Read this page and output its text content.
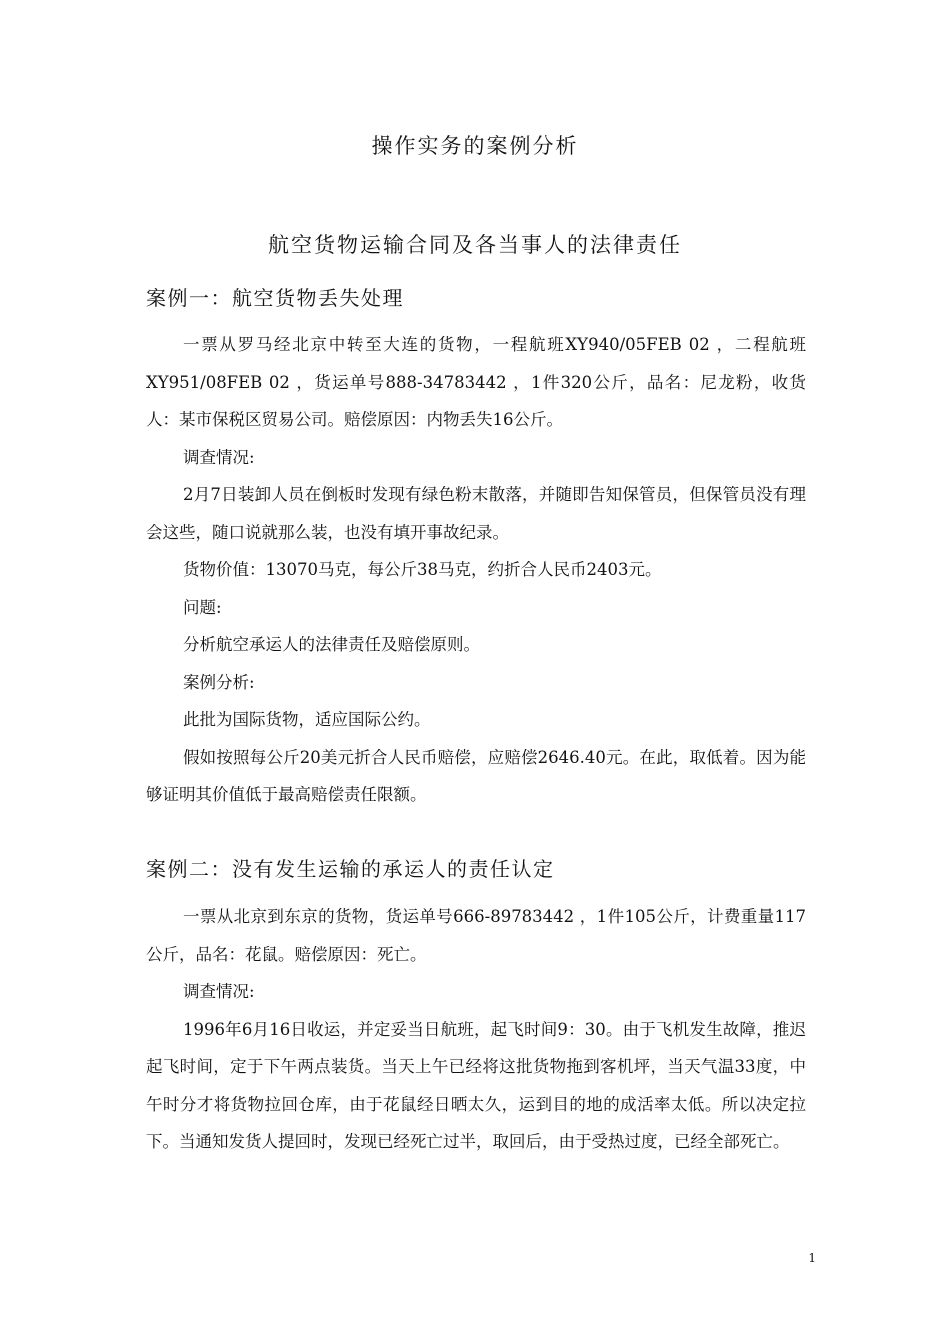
操作实务的案例分析
航空货物运输合同及各当事人的法律责任
案例一：航空货物丢失处理

一票从罗马经北京中转至大连的货物，一程航班XY940/05FEB 02 ，二程航班XY951/08FEB 02 ，货运单号888-34783442 ，1件320公斤，品名：尼龙粉，收货人：某市保税区贸易公司。赔偿原因：内物丢失16公斤。

调查情况:

2月7日装卸人员在倒板时发现有绿色粉末散落，并随即告知保管员，但保管员没有理会这些，随口说就那么装，也没有填开事故纪录。

货物价值：13070马克，每公斤38马克，约折合人民币2403元。

问题:

分析航空承运人的法律责任及赔偿原则。

案例分析:

此批为国际货物，适应国际公约。

假如按照每公斤20美元折合人民币赔偿，应赔偿2646.40元。在此，取低着。因为能够证明其价值低于最高赔偿责任限额。

案例二：没有发生运输的承运人的责任认定

一票从北京到东京的货物，货运单号666-89783442 ，1件105公斤，计费重量117公斤，品名：花鼠。赔偿原因：死亡。

调查情况:

1996年6月16日收运，并定妥当日航班，起飞时间9：30。由于飞机发生故障，推迟起飞时间，定于下午两点装货。当天上午已经将这批货物拖到客机坪，当天气温33度，中午时分才将货物拉回仓库，由于花鼠经日晒太久，运到目的地的成活率太低。所以决定拉下。当通知发货人提回时，发现已经死亡过半，取回后，由于受热过度，已经全部死亡。

1
